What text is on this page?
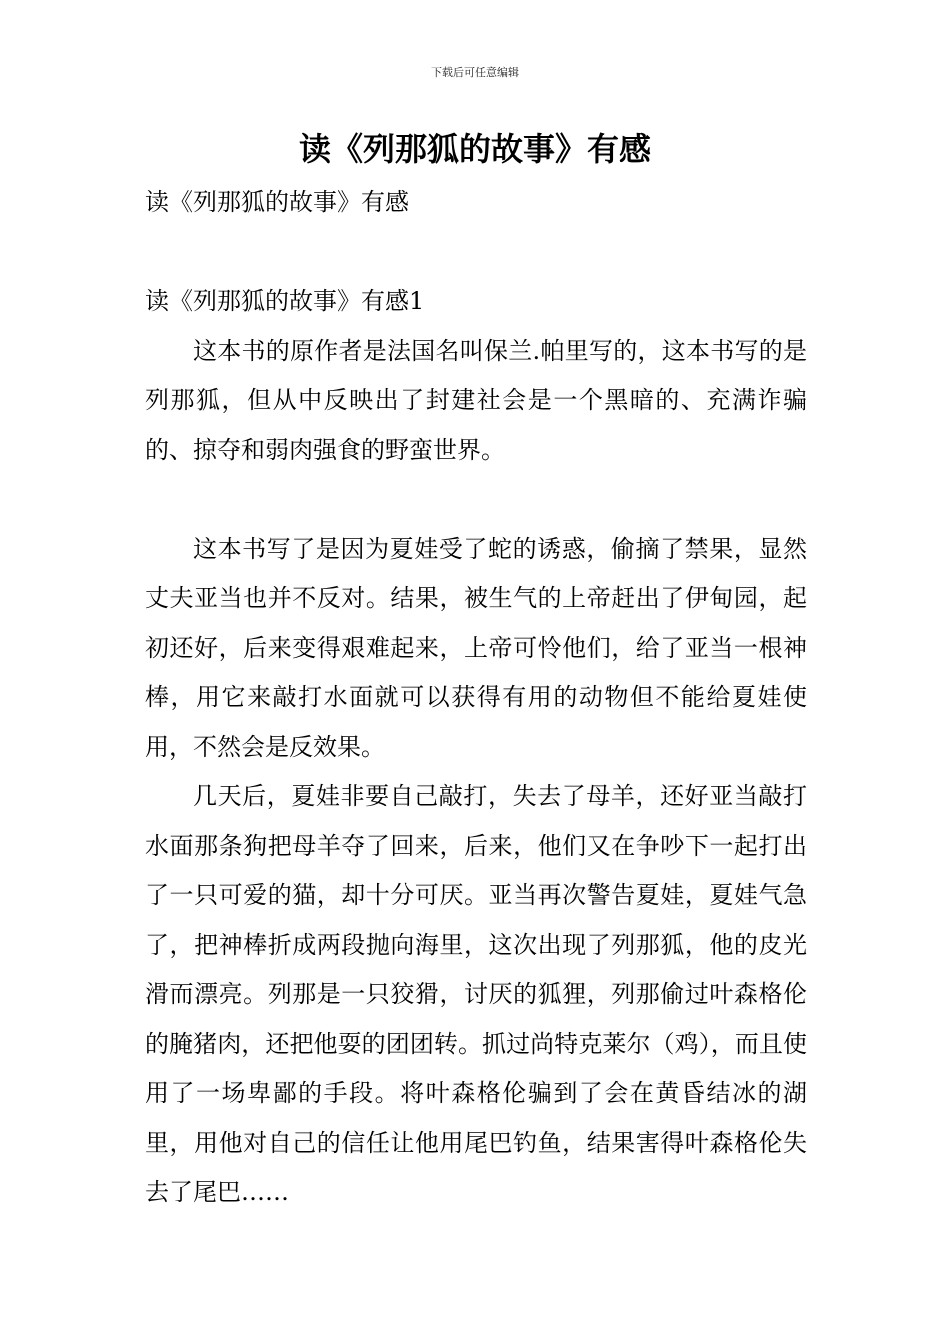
下载后可任意编辑
读《列那狐的故事》有感

读《列那狐的故事》有感

读《列那狐的故事》有感1

这本书的原作者是法国名叫保兰.帕里写的，这本书写的是列那狐，但从中反映出了封建社会是一个黑暗的、充满诈骗的、掠夺和弱肉强食的野蛮世界。

这本书写了是因为夏娃受了蛇的诱惑，偷摘了禁果，显然丈夫亚当也并不反对。结果，被生气的上帝赶出了伊甸园，起初还好，后来变得艰难起来，上帝可怜他们，给了亚当一根神棒，用它来敲打水面就可以获得有用的动物但不能给夏娃使用，不然会是反效果。

几天后，夏娃非要自己敲打，失去了母羊，还好亚当敲打水面那条狗把母羊夺了回来，后来，他们又在争吵下一起打出了一只可爱的猫，却十分可厌。亚当再次警告夏娃，夏娃气急了，把神棒折成两段抛向海里，这次出现了列那狐，他的皮光滑而漂亮。列那是一只狡猾，讨厌的狐狸，列那偷过叶森格伦的腌猪肉，还把他耍的团团转。抓过尚特克莱尔（鸡），而且使用了一场卑鄙的手段。将叶森格伦骗到了会在黄昏结冰的湖里，用他对自己的信任让他用尾巴钓鱼，结果害得叶森格伦失去了尾巴……
